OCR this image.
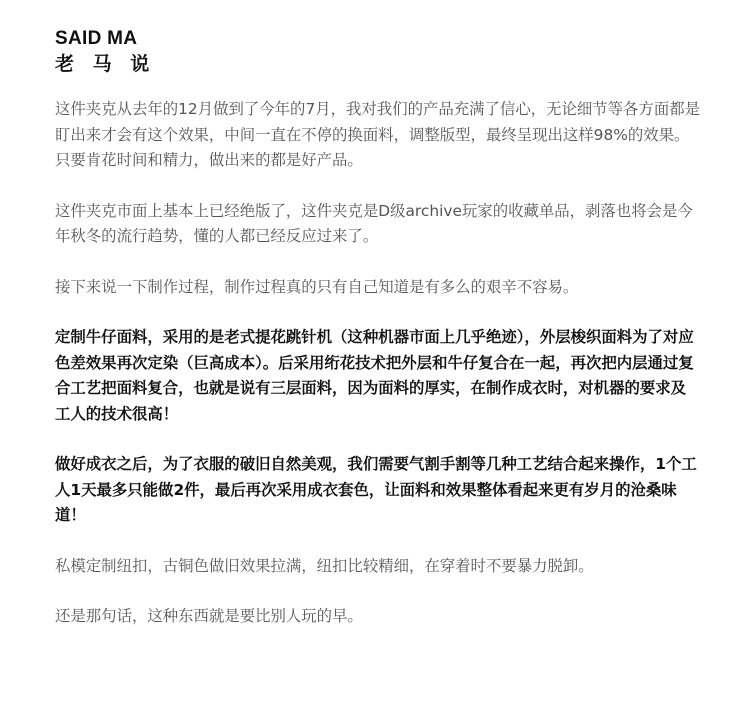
SAID MA
老 马 说

这件夹克从去年的12月做到了今年的7月，我对我们的产品充满了信心，无论细节等各方面都是盯出来才会有这个效果，中间一直在不停的换面料，调整版型，最终呈现出这样98%的效果。只要肯花时间和精力，做出来的都是好产品。

这件夹克市面上基本上已经绝版了，这件夹克是D级archive玩家的收藏单品，剥落也将会是今年秋冬的流行趋势，懂的人都已经反应过来了。

接下来说一下制作过程，制作过程真的只有自己知道是有多么的艰辛不容易。

定制牛仔面料，采用的是老式提花跳针机（这种机器市面上几乎绝迹），外层梭织面料为了对应色差效果再次定染（巨高成本）。后采用绗花技术把外层和牛仔复合在一起，再次把内层通过复合工艺把面料复合，也就是说有三层面料，因为面料的厚实，在制作成衣时，对机器的要求及工人的技术很高！

做好成衣之后，为了衣服的破旧自然美观，我们需要气割手割等几种工艺结合起来操作，1个工人1天最多只能做2件，最后再次采用成衣套色，让面料和效果整体看起来更有岁月的沧桑味道！

私模定制纽扣，古铜色做旧效果拉满，纽扣比较精细，在穿着时不要暴力脱卸。

还是那句话，这种东西就是要比别人玩的早。
